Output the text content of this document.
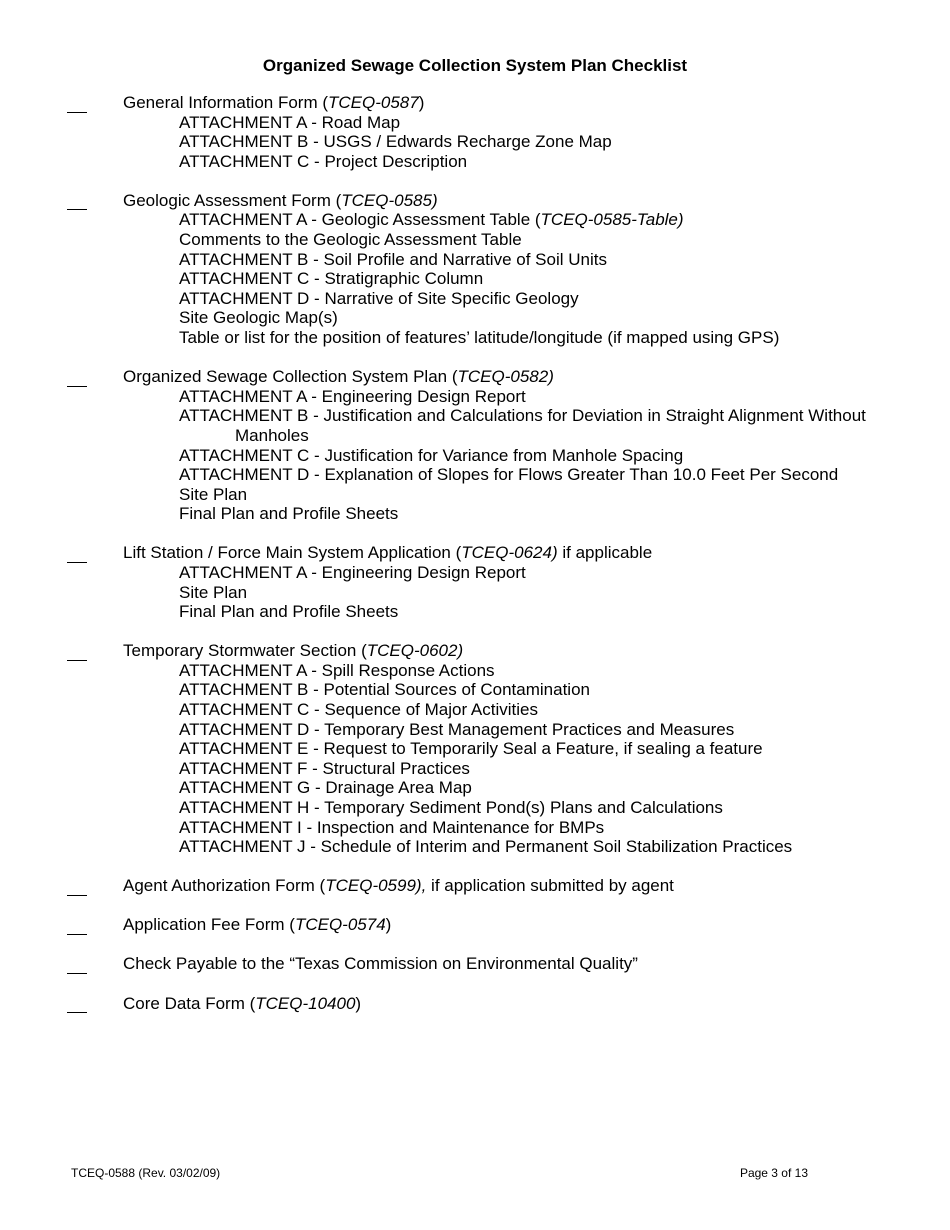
Organized Sewage Collection System Plan Checklist
General Information Form (TCEQ-0587)
ATTACHMENT A - Road Map
ATTACHMENT B - USGS / Edwards Recharge Zone Map
ATTACHMENT C - Project Description
Geologic Assessment Form (TCEQ-0585)
ATTACHMENT A - Geologic Assessment Table (TCEQ-0585-Table)
Comments to the Geologic Assessment Table
ATTACHMENT B - Soil Profile and Narrative of Soil Units
ATTACHMENT C - Stratigraphic Column
ATTACHMENT D - Narrative of Site Specific Geology
Site Geologic Map(s)
Table or list for the position of features’ latitude/longitude (if mapped using GPS)
Organized Sewage Collection System Plan (TCEQ-0582)
ATTACHMENT A - Engineering Design Report
ATTACHMENT B - Justification and Calculations for Deviation in Straight Alignment Without
Manholes
ATTACHMENT C - Justification for Variance from Manhole Spacing
ATTACHMENT D - Explanation of Slopes for Flows Greater Than 10.0 Feet Per Second
Site Plan
Final Plan and Profile Sheets
Lift Station / Force Main System Application (TCEQ-0624) if applicable
ATTACHMENT A - Engineering Design Report
Site Plan
Final Plan and Profile Sheets
Temporary Stormwater Section (TCEQ-0602)
ATTACHMENT A - Spill Response Actions
ATTACHMENT B - Potential Sources of Contamination
ATTACHMENT C - Sequence of Major Activities
ATTACHMENT D - Temporary Best Management Practices and Measures
ATTACHMENT E - Request to Temporarily Seal a Feature, if sealing a feature
ATTACHMENT F - Structural Practices
ATTACHMENT G - Drainage Area Map
ATTACHMENT H - Temporary Sediment Pond(s) Plans and Calculations
ATTACHMENT I - Inspection and Maintenance for BMPs
ATTACHMENT J - Schedule of Interim and Permanent Soil Stabilization Practices
Agent Authorization Form (TCEQ-0599), if application submitted by agent
Application Fee Form (TCEQ-0574)
Check Payable to the “Texas Commission on Environmental Quality”
Core Data Form (TCEQ-10400)
TCEQ-0588 (Rev. 03/02/09)	Page 3 of 13
